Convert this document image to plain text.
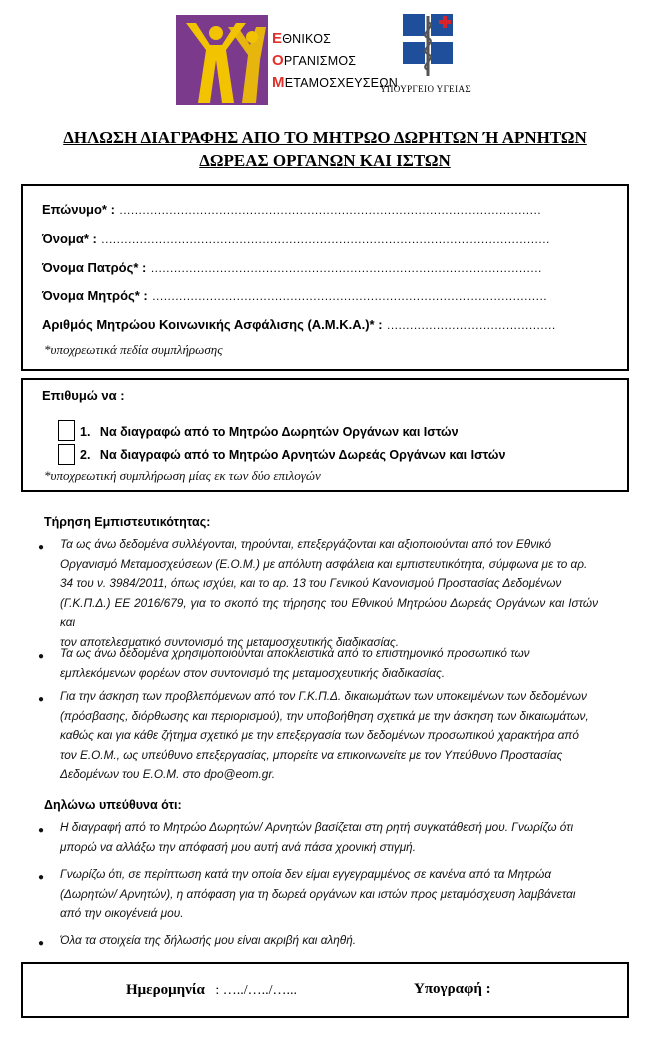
ΕΘΝΙΚΟΣ
ΟΡΓΑΝΙΣΜΟΣ
ΜΕΤΑΜΟΣΧΕΥΣΕΩΝ
ΥΠΟΥΡΓΕΙΟ ΥΓΕΙΑΣ
ΔΗΛΩΣΗ ΔΙΑΓΡΑΦΗΣ ΑΠΟ ΤΟ ΜΗΤΡΩΟ ΔΩΡΗΤΩΝ Ή ΑΡΝΗΤΩΝ
ΔΩΡΕΑΣ ΟΡΓΑΝΩΝ ΚΑΙ ΙΣΤΩΝ
Επώνυμο* : ..............................................................................................................
Όνομα* : .....................................................................................................................
Όνομα Πατρός* : ......................................................................................................
Όνομα Μητρός* : .......................................................................................................
Αριθμός Μητρώου Κοινωνικής Ασφάλισης (Α.Μ.Κ.Α.)* : ............................................
*υποχρεωτικά πεδία συμπλήρωσης
Επιθυμώ να :
1. Να διαγραφώ από το Μητρώο Δωρητών Οργάνων και Ιστών
2. Να διαγραφώ από το Μητρώο Αρνητών Δωρεάς Οργάνων και Ιστών
*υποχρεωτική συμπλήρωση μίας εκ των δύο επιλογών
Τήρηση Εμπιστευτικότητας:
● Τα ως άνω δεδομένα συλλέγονται, τηρούνται, επεξεργάζονται και αξιοποιούνται από τον Εθνικό
Οργανισμό Μεταμοσχεύσεων (Ε.Ο.Μ.) με απόλυτη ασφάλεια και εμπιστευτικότητα, σύμφωνα με το αρ.
34 του ν. 3984/2011, όπως ισχύει, και το αρ. 13 του Γενικού Κανονισμού Προστασίας Δεδομένων
(Γ.Κ.Π.Δ.) ΕΕ 2016/679, για το σκοπό της τήρησης του Εθνικού Μητρώου Δωρεάς Οργάνων και Ιστών και
τον αποτελεσματικό συντονισμό της μεταμοσχευτικής διαδικασίας.
● Τα ως άνω δεδομένα χρησιμοποιούνται αποκλειστικά από το επιστημονικό προσωπικό των
εμπλεκόμενων φορέων στον συντονισμό της μεταμοσχευτικής διαδικασίας.
● Για την άσκηση των προβλεπόμενων από τον Γ.Κ.Π.Δ. δικαιωμάτων των υποκειμένων των δεδομένων
(πρόσβασης, διόρθωσης και περιορισμού), την υποβοήθηση σχετικά με την άσκηση των δικαιωμάτων,
καθώς και για κάθε ζήτημα σχετικό με την επεξεργασία των δεδομένων προσωπικού χαρακτήρα από
τον Ε.Ο.Μ., ως υπεύθυνο επεξεργασίας, μπορείτε να επικοινωνείτε με τον Υπεύθυνο Προστασίας
Δεδομένων του Ε.Ο.Μ. στο dpo@eom.gr.
Δηλώνω υπεύθυνα ότι:
● Η διαγραφή από το Μητρώο Δωρητών/ Αρνητών βασίζεται στη ρητή συγκατάθεσή μου. Γνωρίζω ότι
μπορώ να αλλάξω την απόφασή μου αυτή ανά πάσα χρονική στιγμή.
● Γνωρίζω ότι, σε περίπτωση κατά την οποία δεν είμαι εγγεγραμμένος σε κανένα από τα Μητρώα
(Δωρητών/ Αρνητών), η απόφαση για τη δωρεά οργάνων και ιστών προς μεταμόσχευση λαμβάνεται
από την οικογένειά μου.
● Όλα τα στοιχεία της δήλωσής μου είναι ακριβή και αληθή.
Ημερομηνία : …../…../…...	Υπογραφή :
